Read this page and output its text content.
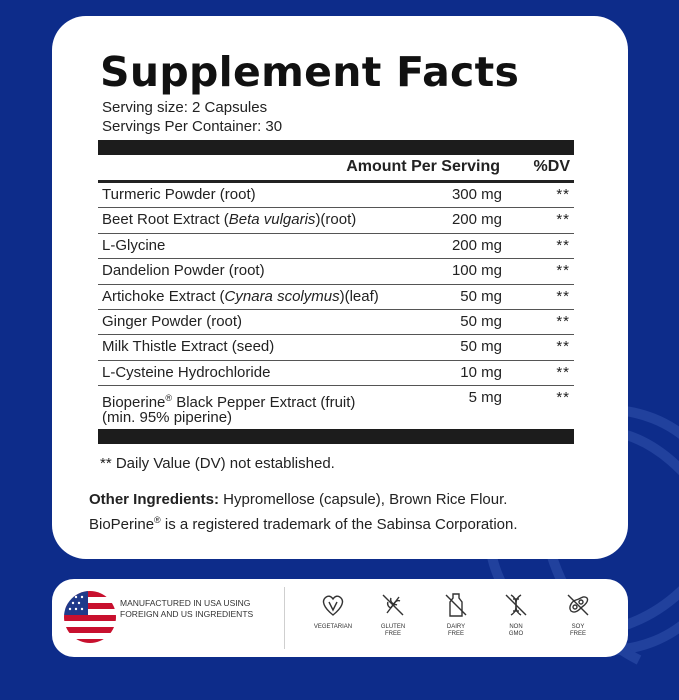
Supplement Facts
Serving size: 2 Capsules
Servings Per Container: 30
Amount Per Serving %DV
Turmeric Powder (root)	300 mg	**
Beet Root Extract (Beta vulgaris)(root)	200 mg	**
L-Glycine	200 mg	**
Dandelion Powder (root)	100 mg	**
Artichoke Extract (Cynara scolymus)(leaf)	50 mg	**
Ginger Powder (root)	50 mg	**
Milk Thistle Extract (seed)	50 mg	**
L-Cysteine Hydrochloride	10 mg	**
Bioperine® Black Pepper Extract (fruit)
(min. 95% piperine)
5 mg	**
** Daily Value (DV) not established.
Other Ingredients: Hypromellose (capsule), Brown Rice Flour.
BioPerine® is a registered trademark of the Sabinsa Corporation.
MANUFACTURED IN USA USING FOREIGN AND US INGREDIENTS
VEGETARIAN	GLUTEN
FREE
DAIRY
FREE
NON
GMO
SOY
FREE
